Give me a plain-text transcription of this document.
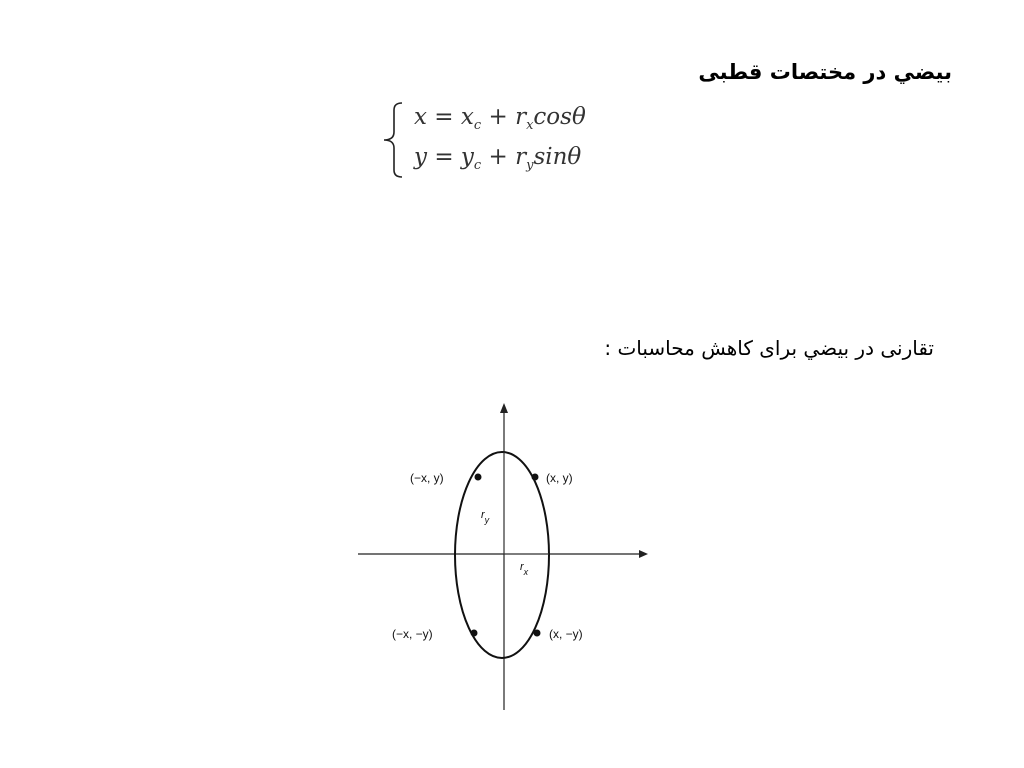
بيضي در مختصات قطبی
$x = x_c + r_x\cos\theta$
$y = y_c + r_y\sin\theta$
تقارنی در بیضي برای کاهش محاسبات :
(−x, y)	(x, y)
(−x, −y)	(x, −y)
$r_y$
$r_x$
